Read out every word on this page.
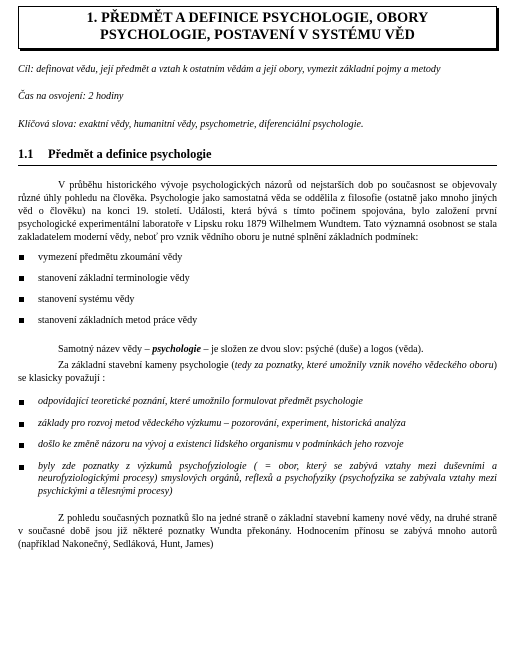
1. PŘEDMĚT A DEFINICE PSYCHOLOGIE, OBORY
PSYCHOLOGIE, POSTAVENÍ V SYSTÉMU VĚD
Cíl: definovat vědu, její předmět a vztah k ostatním vědám a její obory, vymezit základní pojmy a metody
Čas na osvojení: 2 hodiny
Klíčová slova: exaktní vědy, humanitní vědy, psychometrie, diferenciální psychologie.
1.1 Předmět a definice psychologie

V průběhu historického vývoje psychologických názorů od nejstarších dob po současnost se objevovaly různé úhly pohledu na člověka. Psychologie jako samostatná věda se oddělila z filosofie (ostatně jako mnoho jiných věd o člověku) na konci 19. století. Události, která bývá s tímto počinem spojována, bylo založení první psychologické experimentální laboratoře v Lipsku roku 1879 Wilhelmem Wundtem. Tato významná osobnost se stala zakladatelem moderní vědy, neboť pro vznik vědního oboru je nutné splnění základních podmínek:

vymezení předmětu zkoumání vědy
stanovení základní terminologie vědy
stanovení systému vědy
stanovení základních metod práce vědy

Samotný název vědy – psychologie – je složen ze dvou slov: psýché (duše) a logos (věda).

Za základní stavební kameny psychologie (tedy za poznatky, které umožnily vznik nového vědeckého oboru) se klasicky považují :

odpovídající teoretické poznání, které umožnilo formulovat předmět psychologie
základy pro rozvoj metod vědeckého výzkumu – pozorování, experiment, historická analýza
došlo ke změně názoru na vývoj a existenci lidského organismu v podmínkách jeho rozvoje
byly zde poznatky z výzkumů psychofyziologie ( = obor, který se zabývá vztahy mezi duševními a neurofyziologickými procesy) smyslových orgánů, reflexů a psychofyziky (psychofyzika se zabývala vztahy mezi psychickými a tělesnými procesy)

Z pohledu současných poznatků šlo na jedné straně o základní stavební kameny nové vědy, na druhé straně v současné době jsou již některé poznatky Wundta překonány. Hodnocením přínosu se zabývá mnoho autorů (například Nakonečný, Sedláková, Hunt, James)
